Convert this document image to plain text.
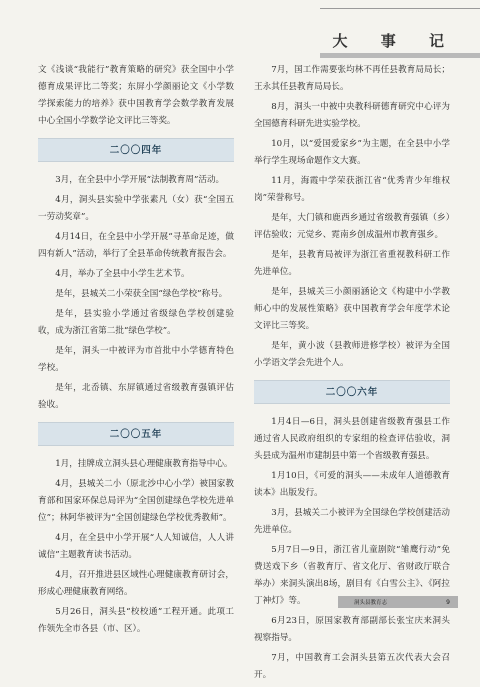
大 事 记

文《浅谈“我能行”教育策略的研究》获全国中小学德育成果评比二等奖；东屏小学颜丽论文《小学数学探索能力的培养》获中国教育学会数学教育发展中心全国小学数学论文评比三等奖。

二〇〇四年

3月，在全县中小学开展“法制教育周”活动。

4月，洞头县实验中学张素凡（女）获“全国五一劳动奖章”。

4月14日，在全县中小学开展“寻革命足迹，做四有新人”活动，举行了全县革命传统教育报告会。

4月，举办了全县中小学生艺术节。

是年，县城关二小荣获全国“绿色学校”称号。

是年，县实验小学通过省级绿色学校创建验收，成为浙江省第二批“绿色学校”。

是年，洞头一中被评为市首批中小学德育特色学校。

是年，北岙镇、东屏镇通过省级教育强镇评估验收。

二〇〇五年

1月，挂牌成立洞头县心理健康教育指导中心。

4月，县城关二小（原北沙中心小学）被国家教育部和国家环保总局评为“全国创建绿色学校先进单位”；林阿华被评为“全国创建绿色学校优秀教师”。

4月，在全县中小学开展“人人知诚信，人人讲诚信”主题教育读书活动。

4月，召开推进县区域性心理健康教育研讨会，形成心理健康教育网络。

5月26日，洞头县“校校通”工程开通。此项工作领先全市各县（市、区）。

7月，国工作需要张均林不再任县教育局局长；王永其任县教育局局长。

8月，洞头一中被中央教科研德育研究中心评为全国德育科研先进实验学校。

10月，以“爱国爱家乡”为主题，在全县中小学举行学生现场命题作文大赛。

11月，海霞中学荣获浙江省“优秀青少年维权岗”荣誉称号。

是年，大门镇和鹿西乡通过省级教育强镇（乡）评估验收；元觉乡、霓南乡创成温州市教育强乡。

是年，县教育局被评为浙江省重视教科研工作先进单位。

是年，县城关三小颜丽涵论文《构建中小学教师心中的发展性策略》获中国教育学会年度学术论文评比三等奖。

是年，黄小波（县教师进修学校）被评为全国小学语文学会先进个人。

二〇〇六年

1月4日—6日，洞头县创建省级教育强县工作通过省人民政府组织的专家组的检查评估验收，洞头县成为温州市建制县中第一个省级教育强县。

1月10日，《可爱的洞头——未成年人道德教育读本》出版发行。

3月，县城关二小被评为全国绿色学校创建活动先进单位。

5月7日—9日，浙江省儿童剧院“雏鹰行动”免费送戏下乡（省教育厅、省文化厅、省财政厅联合举办）来洞头演出8场，剧目有《白雪公主》、《阿拉丁神灯》等。

6月23日，原国家教育部副部长张宝庆来洞头视察指导。

7月，中国教育工会洞头县第五次代表大会召开。

洞头县教育志	9
